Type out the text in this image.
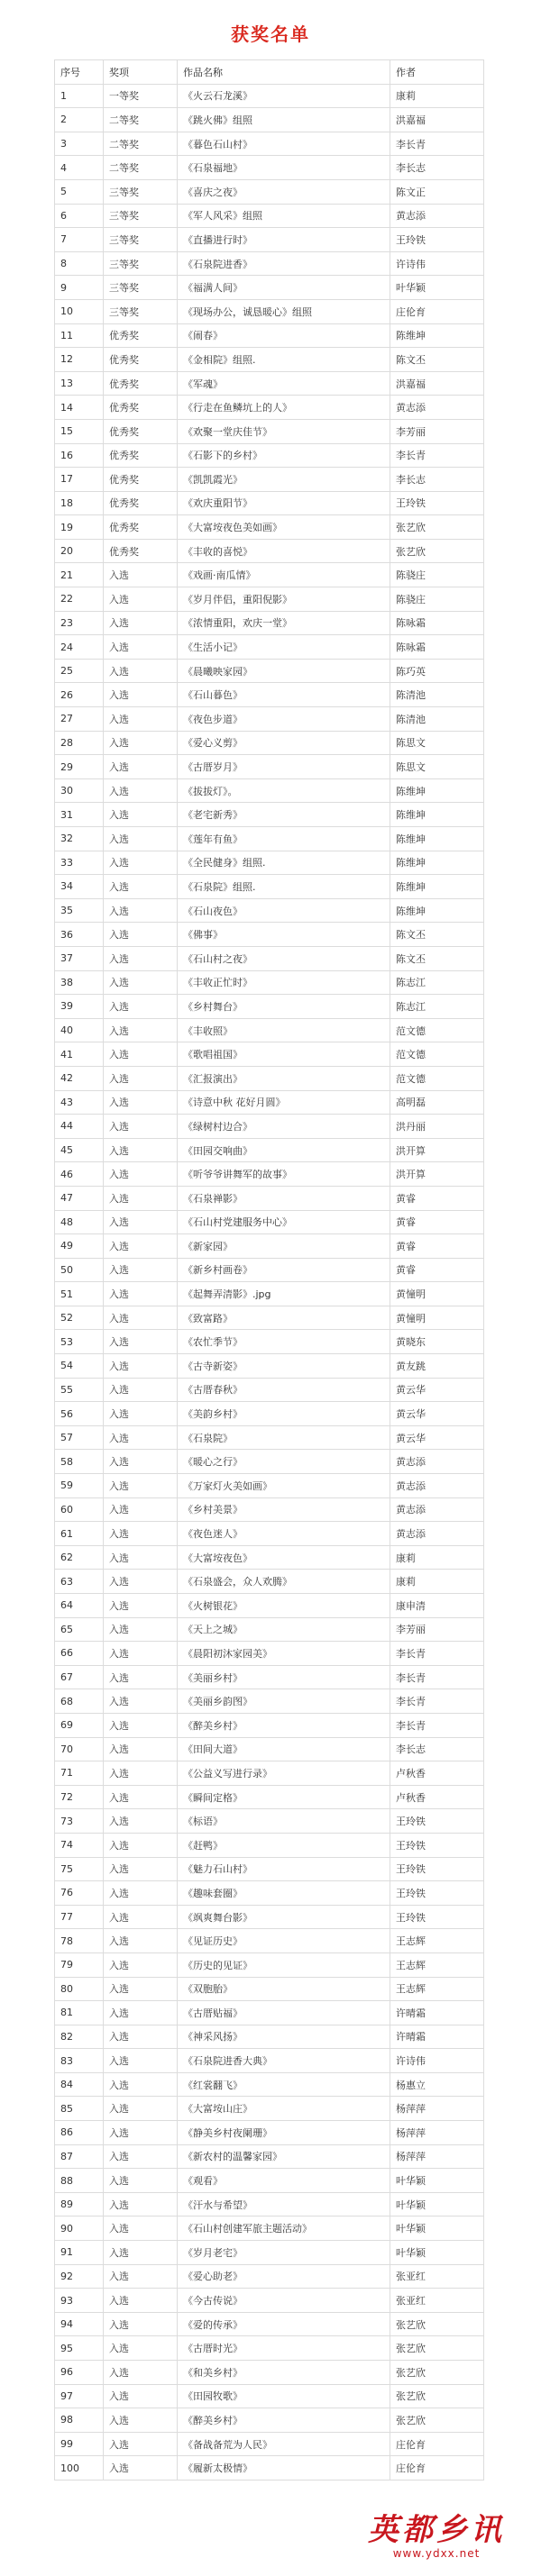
获奖名单
序号	奖项	作品名称	作者
1	一等奖	《火云石龙溪》	康莉
2	二等奖	《跳火佛》组照	洪嘉福
3	二等奖	《暮色石山村》	李长青
4	二等奖	《石泉福地》	李长志
5	三等奖	《喜庆之夜》	陈文正
6	三等奖	《军人风采》组照	黄志添
7	三等奖	《直播进行时》	王玲铁
8	三等奖	《石泉院进香》	许诗伟
9	三等奖	《福满人间》	叶华颖
10	三等奖	《现场办公，诚恳暖心》组照	庄伦育
11	优秀奖	《闹春》	陈维坤
12	优秀奖	《金相院》组照.	陈文丕
13	优秀奖	《军魂》	洪嘉福
14	优秀奖	《行走在鱼鳞坑上的人》	黄志添
15	优秀奖	《欢聚一堂庆佳节》	李芳丽
16	优秀奖	《石影下的乡村》	李长青
17	优秀奖	《凯凯霞光》	李长志
18	优秀奖	《欢庆重阳节》	王玲铁
19	优秀奖	《大富垵夜色美如画》	张艺欣
20	优秀奖	《丰收的喜悦》	张艺欣
21	入选	《戏画·南瓜情》	陈骁庄
22	入选	《岁月伴侣，重阳倪影》	陈骁庄
23	入选	《浓情重阳，欢庆一堂》	陈咏霜
24	入选	《生活小记》	陈咏霜
25	入选	《晨曦映家园》	陈巧英
26	入选	《石山暮色》	陈清池
27	入选	《夜色步道》	陈清池
28	入选	《爱心义剪》	陈思文
29	入选	《古厝岁月》	陈思文
30	入选	《拔拔灯》。	陈维坤
31	入选	《老宅新秀》	陈维坤
32	入选	《莲年有鱼》	陈维坤
33	入选	《全民健身》组照.	陈维坤
34	入选	《石泉院》组照.	陈维坤
35	入选	《石山夜色》	陈维坤
36	入选	《佛事》	陈文丕
37	入选	《石山村之夜》	陈文丕
38	入选	《丰收正忙时》	陈志江
39	入选	《乡村舞台》	陈志江
40	入选	《丰收照》	范文德
41	入选	《歌唱祖国》	范文德
42	入选	《汇报演出》	范文德
43	入选	《诗意中秋 花好月圆》	高明磊
44	入选	《绿树村边合》	洪丹丽
45	入选	《田园交响曲》	洪开算
46	入选	《听爷爷讲舞军的故事》	洪开算
47	入选	《石泉禅影》	黄睿
48	入选	《石山村党建服务中心》	黄睿
49	入选	《新家园》	黄睿
50	入选	《新乡村画卷》	黄睿
51	入选	《起舞弄清影》.jpg	黄憧明
52	入选	《致富路》	黄憧明
53	入选	《农忙季节》	黄晓东
54	入选	《古寺新姿》	黄友跳
55	入选	《古厝春秋》	黄云华
56	入选	《美韵乡村》	黄云华
57	入选	《石泉院》	黄云华
58	入选	《暖心之行》	黄志添
59	入选	《万家灯火美如画》	黄志添
60	入选	《乡村美景》	黄志添
61	入选	《夜色迷人》	黄志添
62	入选	《大富垵夜色》	康莉
63	入选	《石泉盛会，众人欢腾》	康莉
64	入选	《火树银花》	康申清
65	入选	《天上之城》	李芳丽
66	入选	《晨阳初沐家园美》	李长青
67	入选	《美丽乡村》	李长青
68	入选	《美丽乡韵图》	李长青
69	入选	《醉美乡村》	李长青
70	入选	《田间大道》	李长志
71	入选	《公益义写进行录》	卢秋香
72	入选	《瞬间定格》	卢秋香
73	入选	《标语》	王玲铁
74	入选	《赶鸭》	王玲铁
75	入选	《魅力石山村》	王玲铁
76	入选	《趣味套圈》	王玲铁
77	入选	《飒爽舞台影》	王玲铁
78	入选	《见证历史》	王志辉
79	入选	《历史的见证》	王志辉
80	入选	《双胞胎》	王志辉
81	入选	《古厝贴福》	许晴霜
82	入选	《神采风扬》	许晴霜
83	入选	《石泉院进香大典》	许诗伟
84	入选	《红裳翻飞》	杨惠立
85	入选	《大富垵山庄》	杨萍萍
86	入选	《静美乡村夜阑珊》	杨萍萍
87	入选	《新农村的温馨家园》	杨萍萍
88	入选	《观看》	叶华颖
89	入选	《汗水与希望》	叶华颖
90	入选	《石山村创建军旅主题活动》	叶华颖
91	入选	《岁月老宅》	叶华颖
92	入选	《爱心助老》	张亚红
93	入选	《今古传说》	张亚红
94	入选	《爱的传承》	张艺欣
95	入选	《古厝时光》	张艺欣
96	入选	《和美乡村》	张艺欣
97	入选	《田园牧歌》	张艺欣
98	入选	《醉美乡村》	张艺欣
99	入选	《备战备荒为人民》	庄伦育
100	入选	《履新太极情》	庄伦育
英都乡讯
www.ydxx.net
